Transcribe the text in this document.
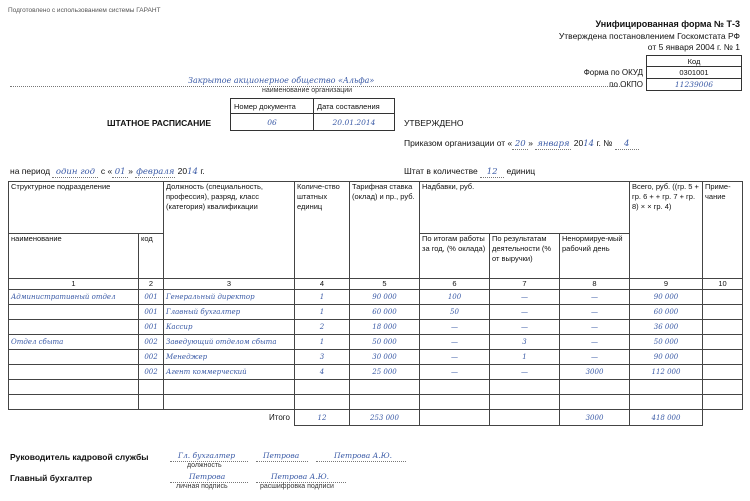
Подготовлено с использованием системы ГАРАНТ
Унифицированная форма № Т-3
Утверждена постановлением Госкомстата РФ
от 5 января 2004 г. № 1
Код
0301001
11239006
Форма по ОКУД
по ОКПО
Закрытое акционерное общество «Альфа»
наименование организации
ШТАТНОЕ РАСПИСАНИЕ
Номер документа	Дата составления
06	20.01.2014	УТВЕРЖДЕНО
Приказом организации от « 20 » января 2014 г. № 4
на период один год с « 01 » февраля 2014 г.	Штат в количестве 12 единиц
Структурное подразделение		Должность (специальность, профессия), разряд, класс (категория) квалификации	Количе-ство штатных единиц	Тарифная ставка (оклад) и пр., руб.	Надбавки, руб.			Всего, руб. ((гр. 5 + гр. 6 + + гр. 7 + гр. 8) × × гр. 4)	Приме-чание
наименование	код				По итогам работы за год, (% оклада)	По результатам деятельности (% от выручки)	Ненормируе-мый рабочий день		
1	2	3	4	5	6	7	8	9	10
Административный отдел	001	Генеральный директор	1	90 000	100	—	—	90 000	
	001	Главный бухгалтер	1	60 000	50	—	—	60 000	
	001	Кассир	2	18 000	—	—	—	36 000	
Отдел сбыта	002	Заведующий отделом сбыта	1	50 000	—	3	—	50 000	
	002	Менеджер	3	30 000	—	1	—	90 000	
	002	Агент коммерческий	4	25 000	—	—	3000	112 000	

Итого			12	253 000			3000	418 000	
Руководитель кадровой службы	Гл. бухгалтер
должность
Петрова	Петрова А.Ю.
Главный бухгалтер	Петрова
личная подпись
Петрова А.Ю.
расшифровка подписи
